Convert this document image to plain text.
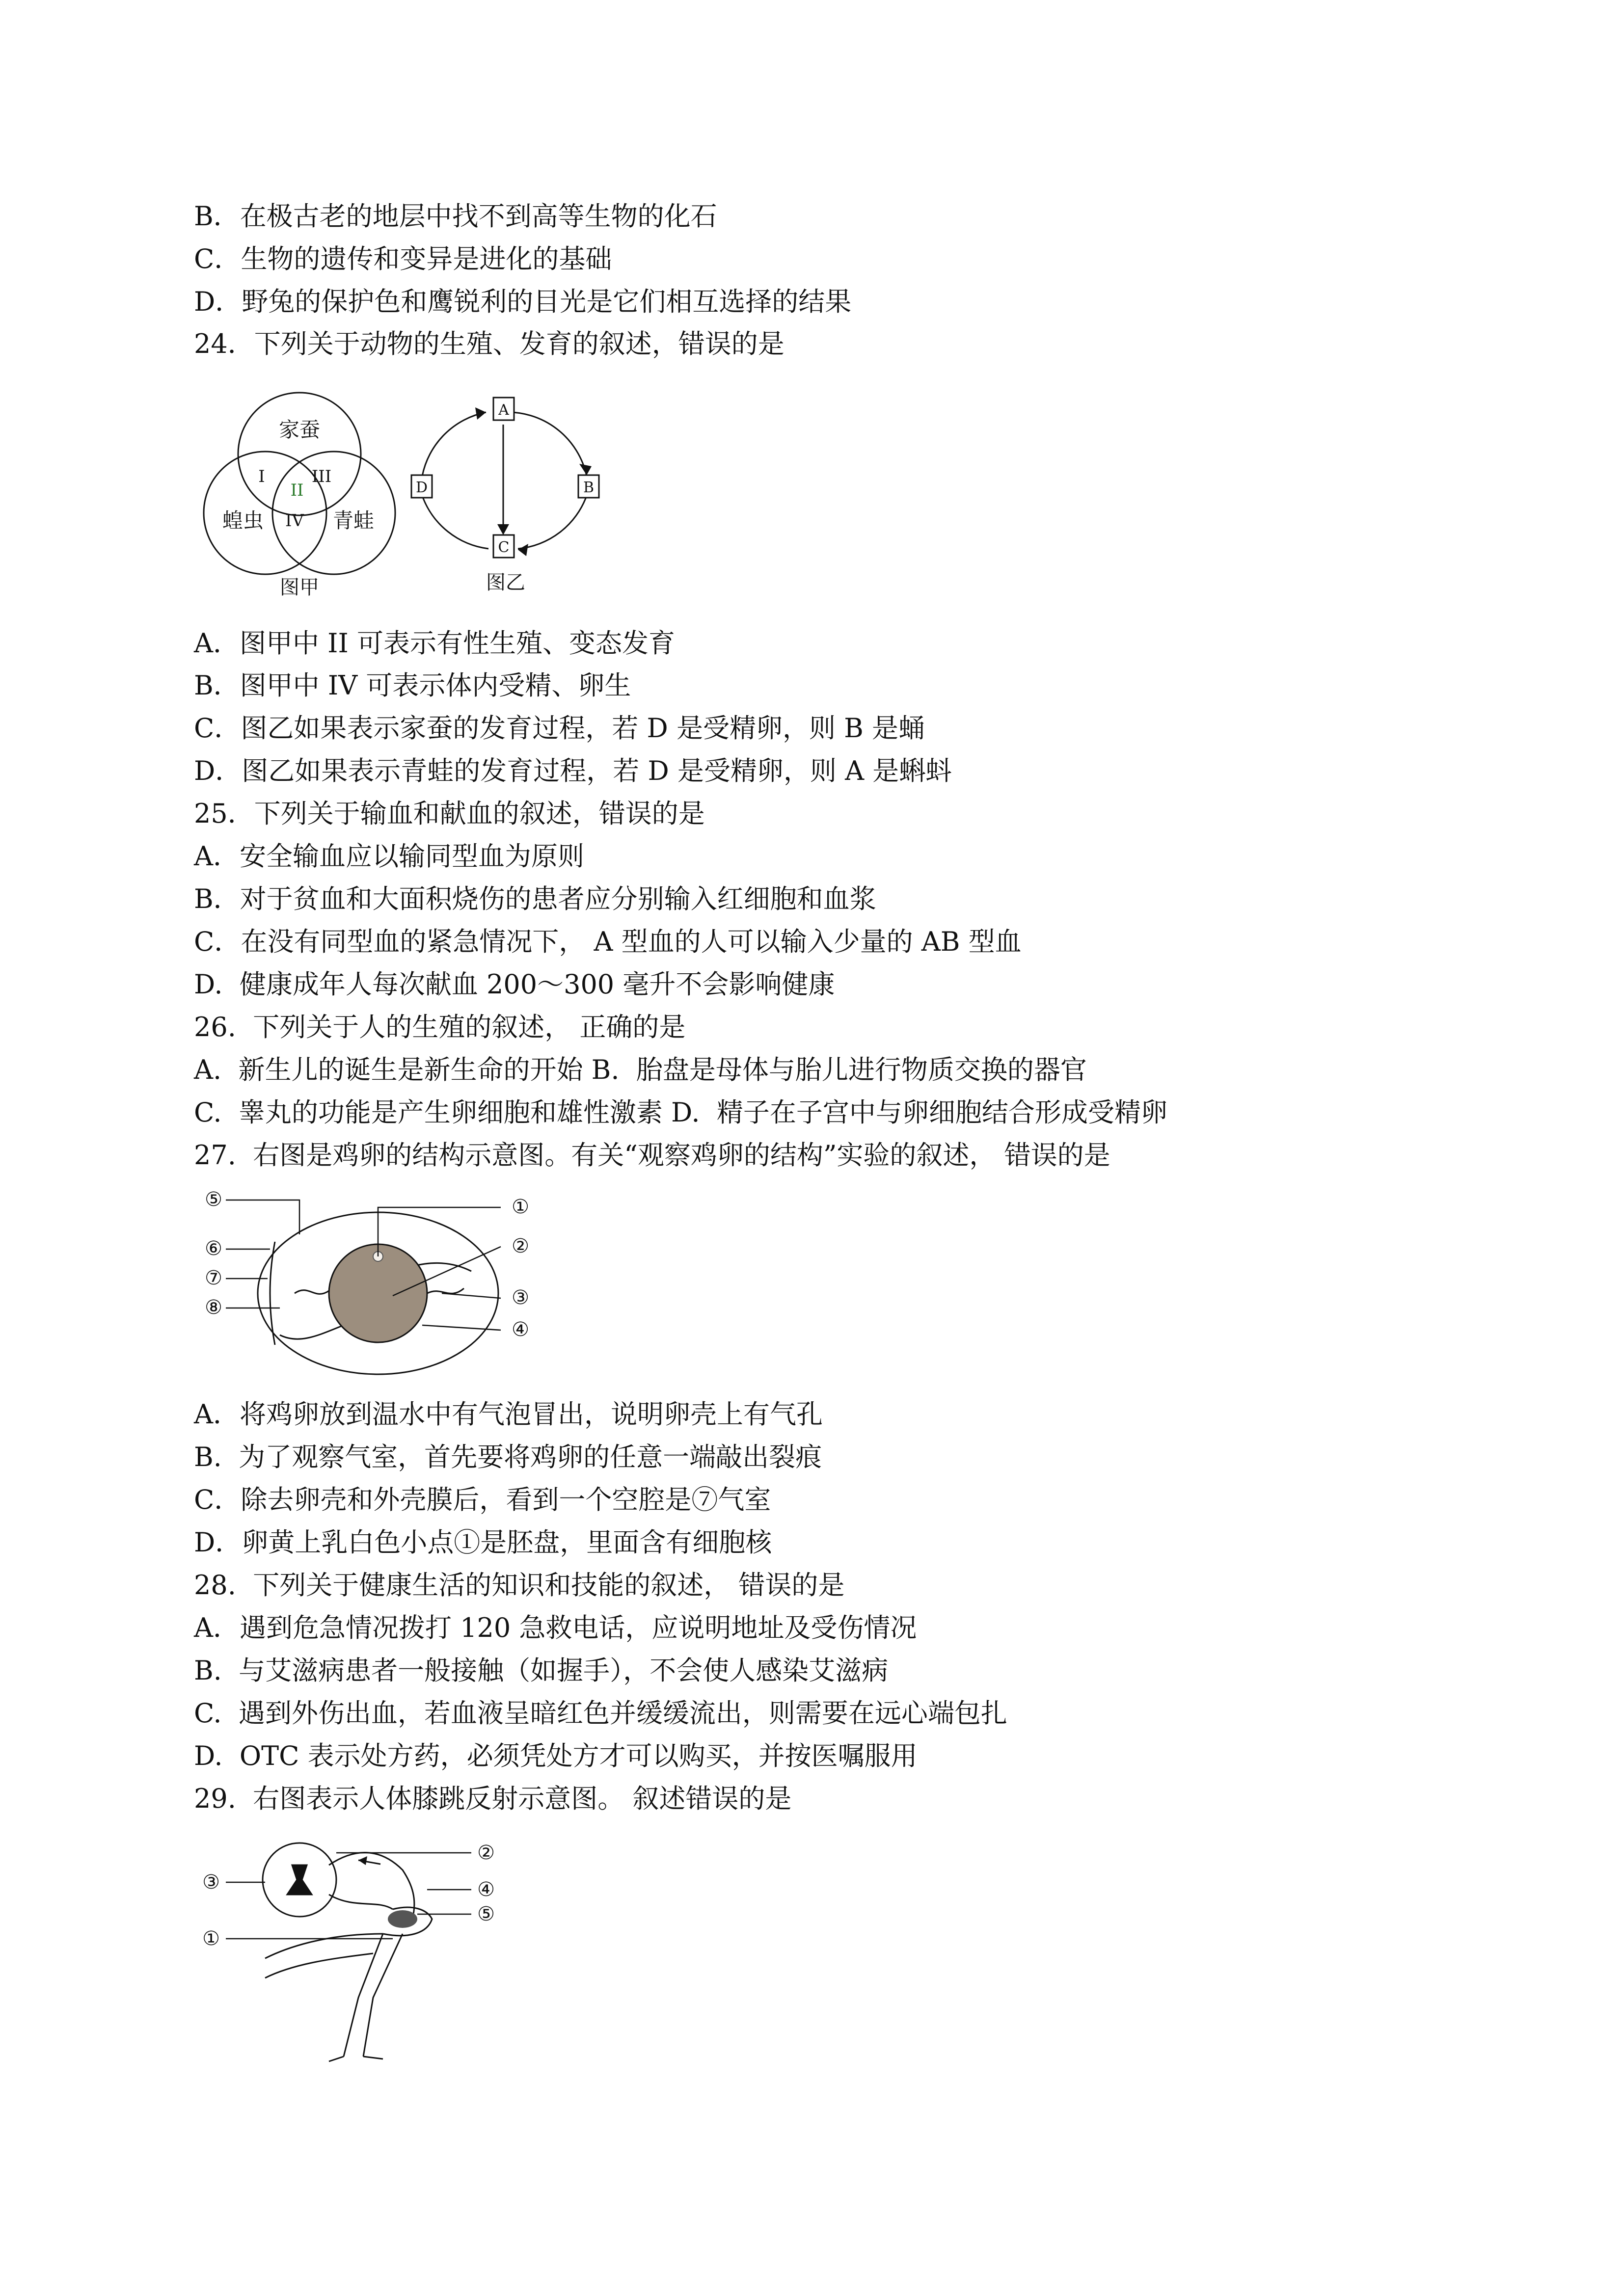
B．在极古老的地层中找不到高等生物的化石
C．生物的遗传和变异是进化的基础
D．野兔的保护色和鹰锐利的目光是它们相互选择的结果
24．下列关于动物的生殖、发育的叙述，错误的是
家蚕
蝗虫	青蛙
I
II
III
IV
图甲
A
B
C
D
图乙
A．图甲中 II 可表示有性生殖、变态发育
B．图甲中 IV 可表示体内受精、卵生
C．图乙如果表示家蚕的发育过程，若 D 是受精卵，则 B 是蛹
D．图乙如果表示青蛙的发育过程，若 D 是受精卵，则 A 是蝌蚪
25．下列关于输血和献血的叙述，错误的是
A．安全输血应以输同型血为原则
B．对于贫血和大面积烧伤的患者应分别输入红细胞和血浆
C．在没有同型血的紧急情况下， A 型血的人可以输入少量的 AB 型血
D.  健康成年人每次献血 200～300 毫升不会影响健康
26.  下列关于人的生殖的叙述， 正确的是
A.  新生儿的诞生是新生命的开始 B.  胎盘是母体与胎儿进行物质交换的器官
C.  睾丸的功能是产生卵细胞和雄性激素 D.  精子在子宫中与卵细胞结合形成受精卵
27.  右图是鸡卵的结构示意图。有关“观察鸡卵的结构”实验的叙述， 错误的是
①
②
③
④
⑤
⑥
⑦
⑧
A．将鸡卵放到温水中有气泡冒出，说明卵壳上有气孔
B.  为了观察气室，首先要将鸡卵的任意一端敲出裂痕
C．除去卵壳和外壳膜后，看到一个空腔是⑦气室
D．卵黄上乳白色小点①是胚盘，里面含有细胞核
28.  下列关于健康生活的知识和技能的叙述， 错误的是
A．遇到危急情况拨打 120 急救电话，应说明地址及受伤情况
B.  与艾滋病患者一般接触（如握手），不会使人感染艾滋病
C.  遇到外伤出血，若血液呈暗红色并缓缓流出，则需要在远心端包扎
D.  OTC 表示处方药，必须凭处方才可以购买，并按医嘱服用
29.  右图表示人体膝跳反射示意图。 叙述错误的是
②
③	④
⑤
①
